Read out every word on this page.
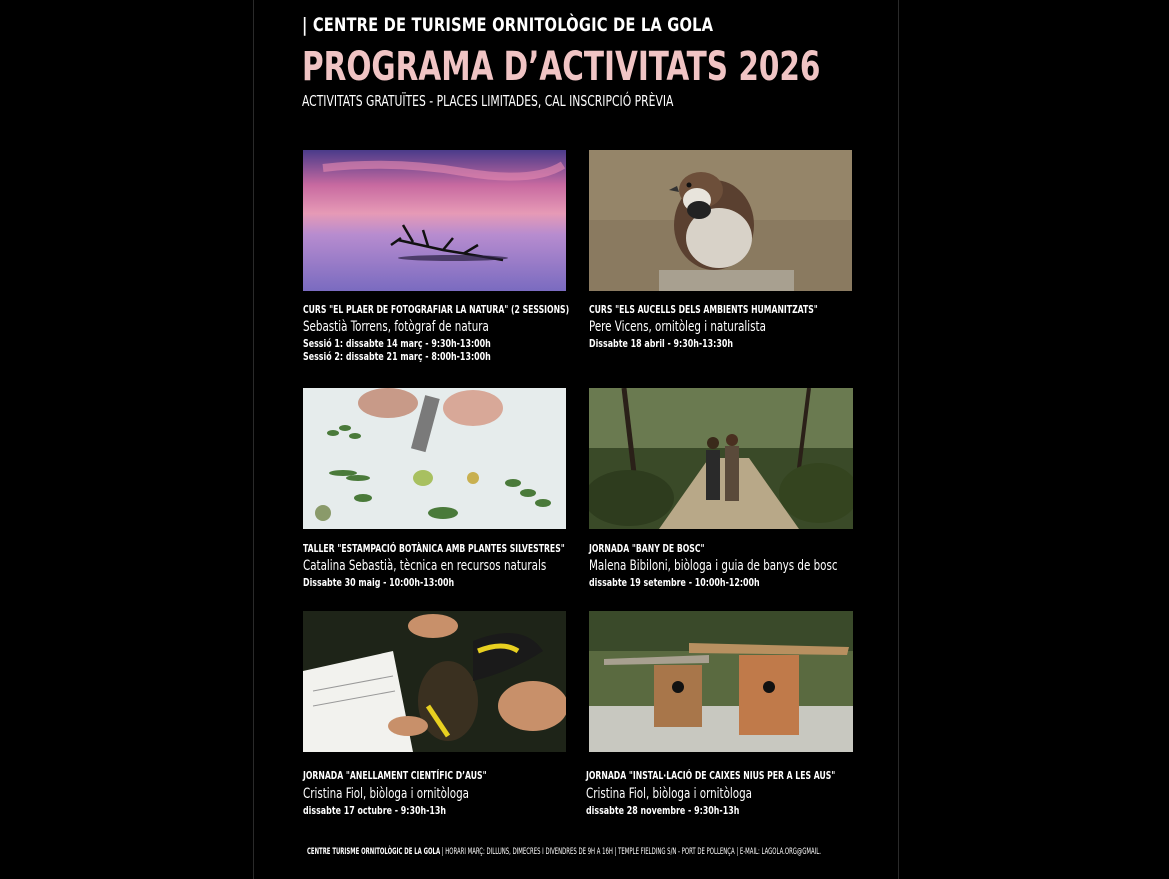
| CENTRE DE TURISME ORNITOLÒGIC DE LA GOLA
PROGRAMA D’ACTIVITATS 2026
ACTIVITATS GRATUÏTES - PLACES LIMITADES, CAL INSCRIPCIÓ PRÈVIA
CURS "EL PLAER DE FOTOGRAFIAR LA NATURA" (2 SESSIONS)
Sebastià Torrens, fotògraf de natura
Sessió 1: dissabte 14 març - 9:30h-13:00h
Sessió 2: dissabte 21 març - 8:00h-13:00h
CURS "ELS AUCELLS DELS AMBIENTS HUMANITZATS"
Pere Vicens, ornitòleg i naturalista
Dissabte 18 abril - 9:30h-13:30h
TALLER "ESTAMPACIÓ BOTÀNICA AMB PLANTES SILVESTRES"
Catalina Sebastià, tècnica en recursos naturals
Dissabte 30 maig - 10:00h-13:00h
JORNADA "BANY DE BOSC"
Malena Bibiloni, biòloga i guia de banys de bosc
dissabte 19 setembre - 10:00h-12:00h
JORNADA "ANELLAMENT CIENTÍFIC D’AUS"
Cristina Fiol, biòloga i ornitòloga
dissabte 17 octubre - 9:30h-13h
JORNADA "INSTAL·LACIÓ DE CAIXES NIUS PER A LES AUS"
Cristina Fiol, biòloga i ornitòloga
dissabte 28 novembre - 9:30h-13h
CENTRE TURISME ORNITOLÒGIC DE LA GOLA | HORARI MARÇ: DILLUNS, DIMECRES I DIVENDRES DE 9H A 16H | TEMPLE FIELDING S/N - PORT DE POLLENÇA | E-MAIL: LAGOLA.ORG@GMAIL.
